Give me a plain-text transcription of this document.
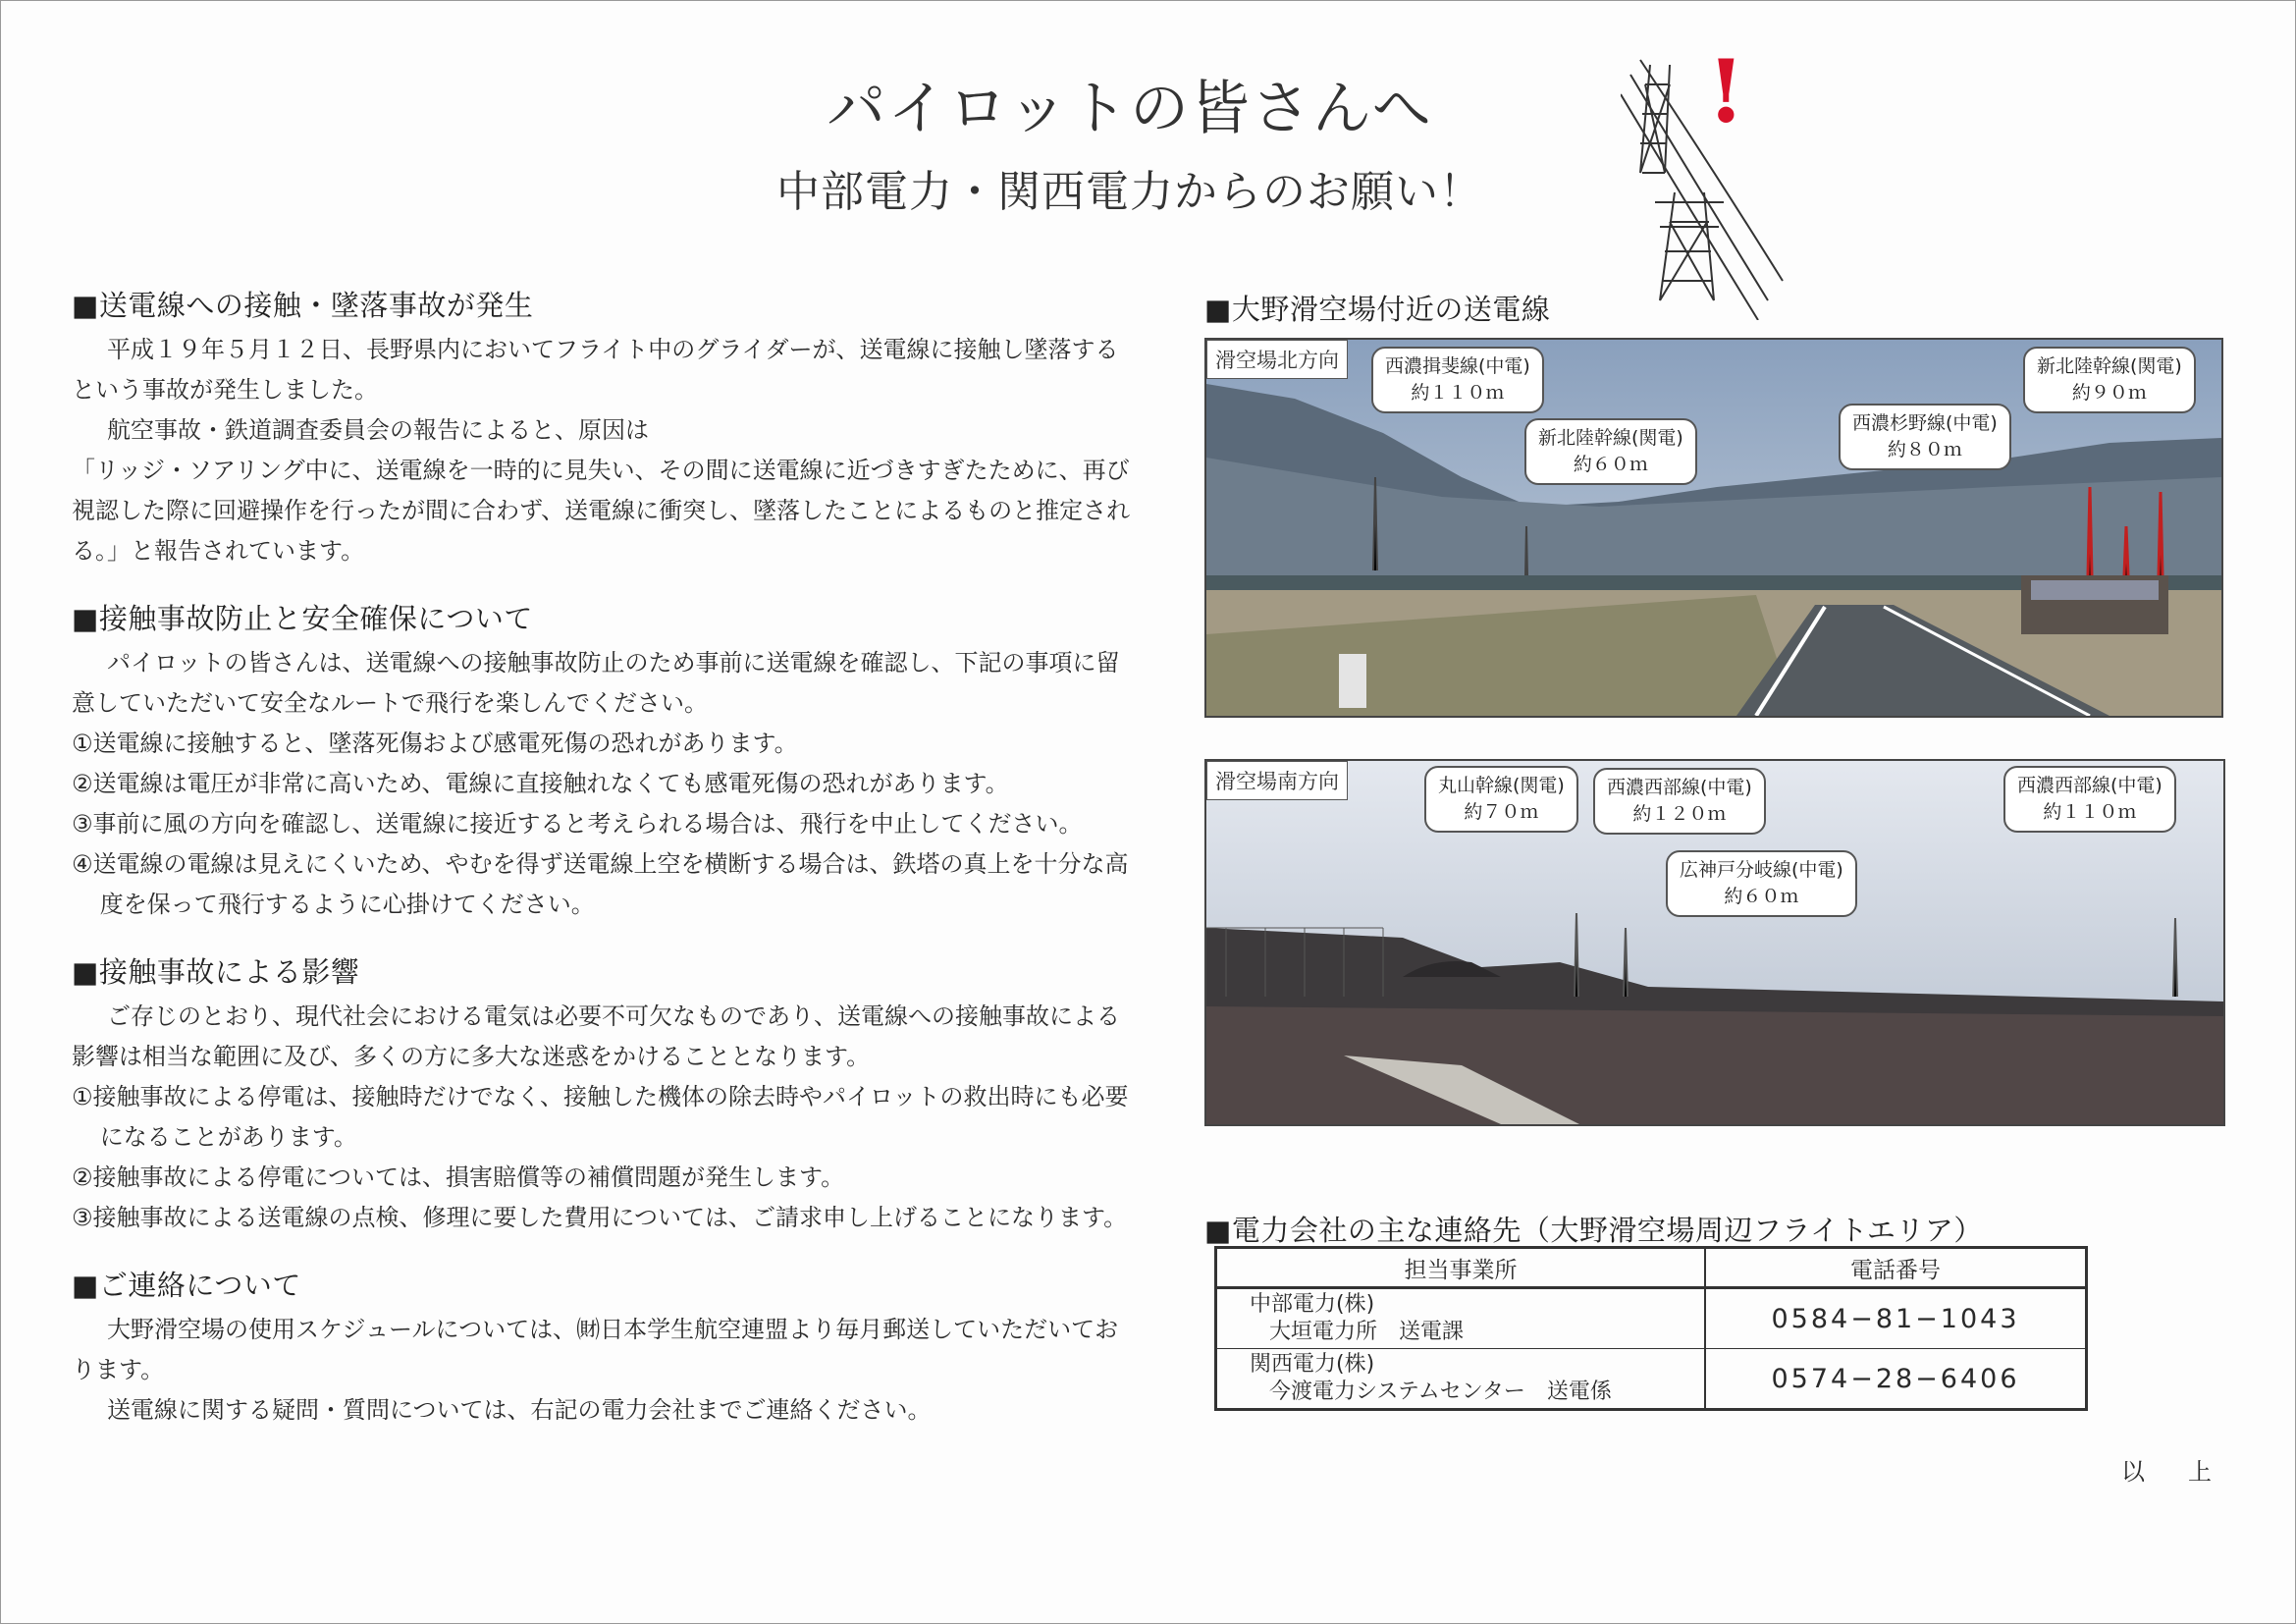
パイロットの皆さんへ
中部電力・関西電力からのお願い！
!
■送電線への接触・墜落事故が発生

平成１９年５月１２日、長野県内においてフライト中のグライダーが、送電線に接触し墜落するという事故が発生しました。

航空事故・鉄道調査委員会の報告によると、原因は

「リッジ・ソアリング中に、送電線を一時的に見失い、その間に送電線に近づきすぎたために、再び視認した際に回避操作を行ったが間に合わず、送電線に衝突し、墜落したことによるものと推定される。」と報告されています。

■接触事故防止と安全確保について

パイロットの皆さんは、送電線への接触事故防止のため事前に送電線を確認し、下記の事項に留意していただいて安全なルートで飛行を楽しんでください。

①送電線に接触すると、墜落死傷および感電死傷の恐れがあります。

②送電線は電圧が非常に高いため、電線に直接触れなくても感電死傷の恐れがあります。

③事前に風の方向を確認し、送電線に接近すると考えられる場合は、飛行を中止してください。

④送電線の電線は見えにくいため、やむを得ず送電線上空を横断する場合は、鉄塔の真上を十分な高度を保って飛行するように心掛けてください。

■接触事故による影響

ご存じのとおり、現代社会における電気は必要不可欠なものであり、送電線への接触事故による影響は相当な範囲に及び、多くの方に多大な迷惑をかけることとなります。

①接触事故による停電は、接触時だけでなく、接触した機体の除去時やパイロットの救出時にも必要になることがあります。

②接触事故による停電については、損害賠償等の補償問題が発生します。

③接触事故による送電線の点検、修理に要した費用については、ご請求申し上げることになります。

■ご連絡について

大野滑空場の使用スケジュールについては、㈶日本学生航空連盟より毎月郵送していただいております。

送電線に関する疑問・質問については、右記の電力会社までご連絡ください。

■大野滑空場付近の送電線
滑空場北方向	西濃揖斐線(中電)
約１１０ｍ
新北陸幹線(関電)
約６０ｍ
西濃杉野線(中電)
約８０ｍ
新北陸幹線(関電)
約９０ｍ
滑空場南方向	丸山幹線(関電)
約７０ｍ
西濃西部線(中電)
約１２０ｍ
広神戸分岐線(中電)
約６０ｍ
西濃西部線(中電)
約１１０ｍ
■電力会社の主な連絡先（大野滑空場周辺フライトエリア）
担当事業所	電話番号

中部電力(株)
大垣電力所　送電課	0584−81−1043

関西電力(株)
今渡電力システムセンター　送電係	0574−28−6406
以　上
